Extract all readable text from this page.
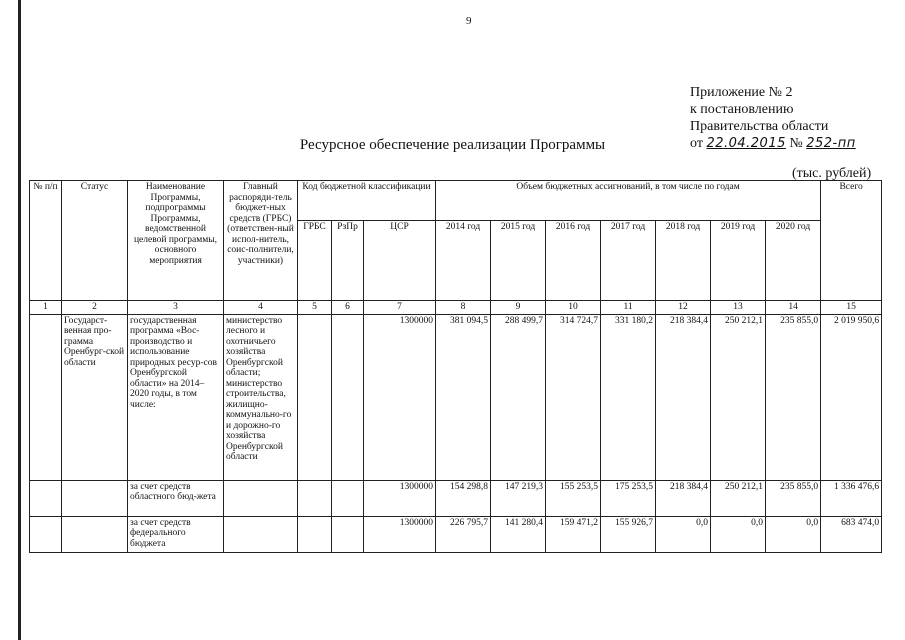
9
Приложение № 2
к постановлению
Правительства области
от 22.04.2015 № 252-пп
Ресурсное обеспечение реализации Программы
(тыс. рублей)
№ п/п	Статус	Наименование Программы, подпрограммы Программы, ведомственной целевой программы, основного мероприятия	Главный распоряди-тель бюджет-ных средств (ГРБС) (ответствен-ный испол-нитель, соис-полнители, участники)	Код бюджетной классификации			Объем бюджетных ассигнований, в том числе по годам							Всего
				ГРБС	РзПр	ЦСР	2014 год	2015 год	2016 год	2017 год	2018 год	2019 год	2020 год	
1	2	3	4	5	6	7	8	9	10	11	12	13	14	15
	Государст-венная про-грамма Оренбург-ской области	государственная программа «Вос-производство и использование природных ресур-сов Оренбургской области» на 2014–2020 годы, в том числе:	министерство лесного и охотничьего хозяйства Оренбургской области; министерство строительства, жилищно-коммунально-го и дорожно-го хозяйства Оренбургской области			1300000	381 094,5	288 499,7	314 724,7	331 180,2	218 384,4	250 212,1	235 855,0	2 019 950,6
		за счет средств областного бюд-жета				1300000	154 298,8	147 219,3	155 253,5	175 253,5	218 384,4	250 212,1	235 855,0	1 336 476,6
		за счет средств федерального бюджета				1300000	226 795,7	141 280,4	159 471,2	155 926,7	0,0	0,0	0,0	683 474,0
